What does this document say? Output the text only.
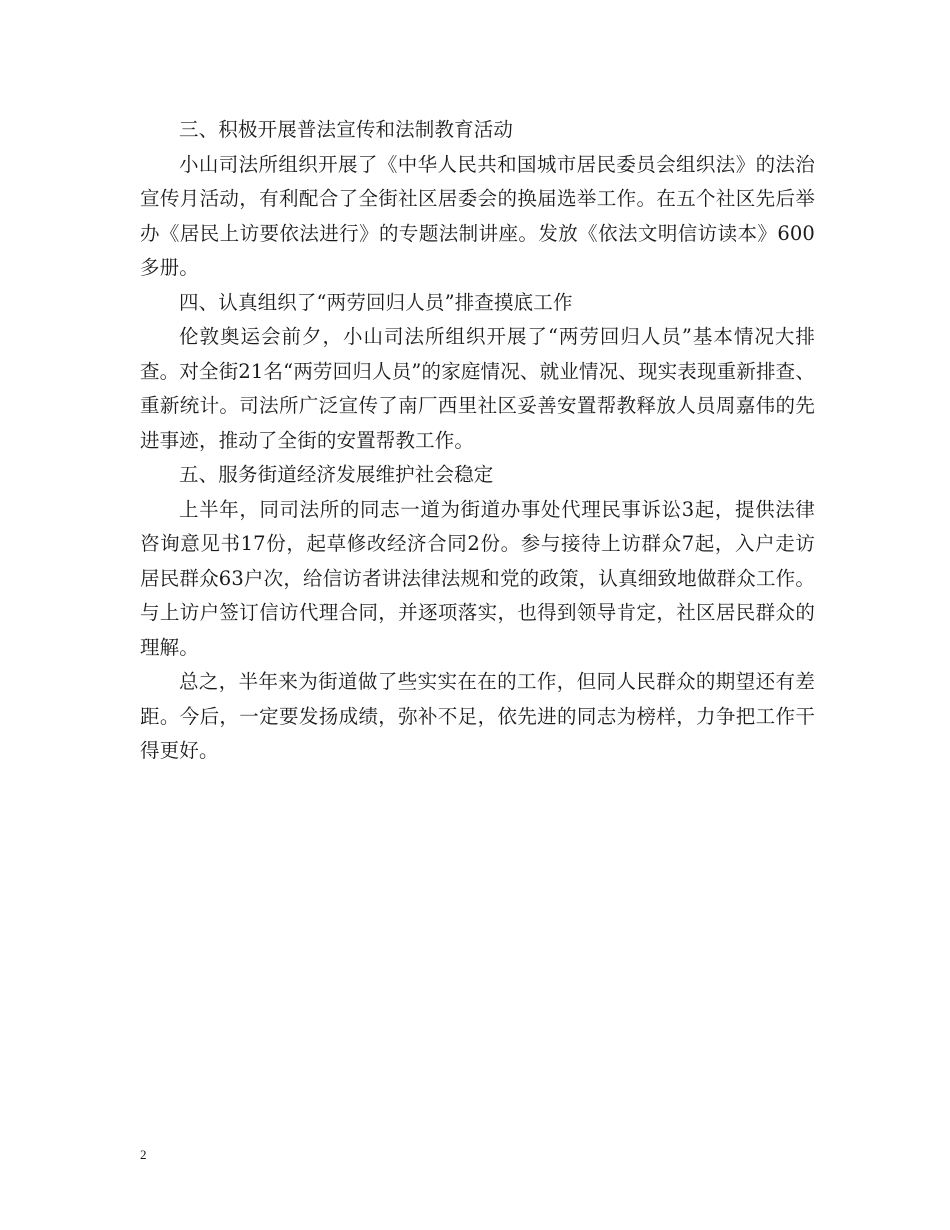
三、积极开展普法宣传和法制教育活动

小山司法所组织开展了《中华人民共和国城市居民委员会组织法》的法治宣传月活动，有利配合了全街社区居委会的换届选举工作。在五个社区先后举办《居民上访要依法进行》的专题法制讲座。发放《依法文明信访读本》600多册。

四、认真组织了“两劳回归人员”排查摸底工作

伦敦奥运会前夕，小山司法所组织开展了“两劳回归人员”基本情况大排查。对全街21名“两劳回归人员”的家庭情况、就业情况、现实表现重新排查、重新统计。司法所广泛宣传了南厂西里社区妥善安置帮教释放人员周嘉伟的先进事迹，推动了全街的安置帮教工作。

五、服务街道经济发展维护社会稳定

上半年，同司法所的同志一道为街道办事处代理民事诉讼3起，提供法律咨询意见书17份，起草修改经济合同2份。参与接待上访群众7起，入户走访居民群众63户次，给信访者讲法律法规和党的政策，认真细致地做群众工作。与上访户签订信访代理合同，并逐项落实，也得到领导肯定，社区居民群众的理解。

总之，半年来为街道做了些实实在在的工作，但同人民群众的期望还有差距。今后，一定要发扬成绩，弥补不足，依先进的同志为榜样，力争把工作干得更好。

2
